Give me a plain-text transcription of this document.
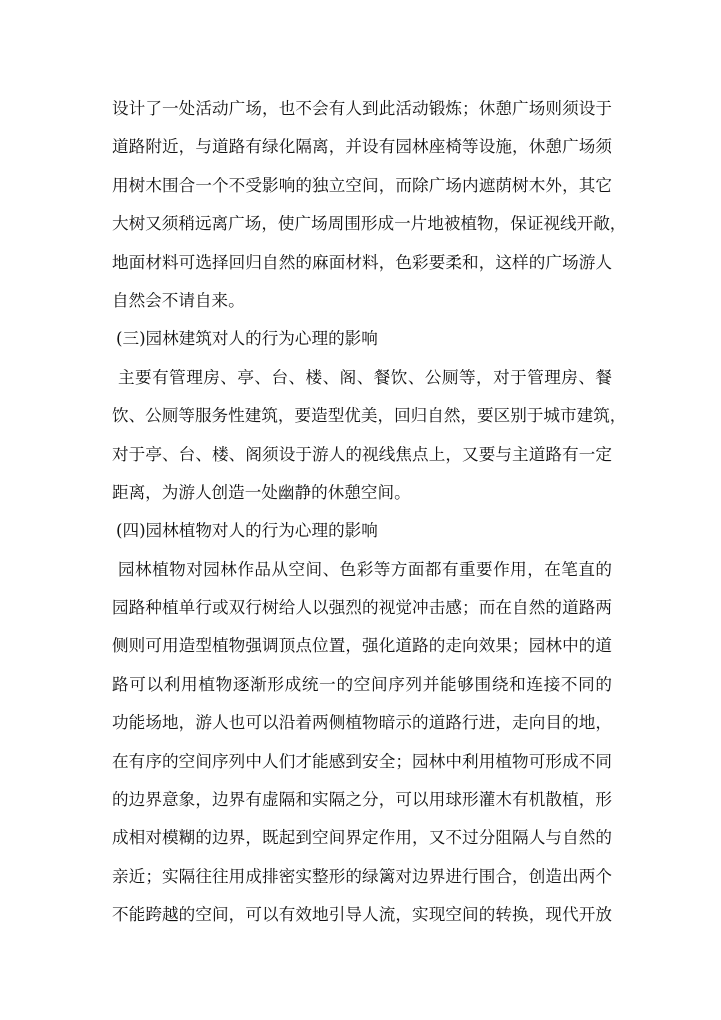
设计了一处活动广场，也不会有人到此活动锻炼；休憩广场则须设于
道路附近，与道路有绿化隔离，并设有园林座椅等设施，休憩广场须
用树木围合一个不受影响的独立空间，而除广场内遮荫树木外，其它
大树又须稍远离广场，使广场周围形成一片地被植物，保证视线开敞，
地面材料可选择回归自然的麻面材料，色彩要柔和，这样的广场游人
自然会不请自来。
(三)园林建筑对人的行为心理的影响
主要有管理房、亭、台、楼、阁、餐饮、公厕等，对于管理房、餐
饮、公厕等服务性建筑，要造型优美，回归自然，要区别于城市建筑，
对于亭、台、楼、阁须设于游人的视线焦点上，又要与主道路有一定
距离，为游人创造一处幽静的休憩空间。
(四)园林植物对人的行为心理的影响
园林植物对园林作品从空间、色彩等方面都有重要作用，在笔直的
园路种植单行或双行树给人以强烈的视觉冲击感；而在自然的道路两
侧则可用造型植物强调顶点位置，强化道路的走向效果；园林中的道
路可以利用植物逐渐形成统一的空间序列并能够围绕和连接不同的
功能场地，游人也可以沿着两侧植物暗示的道路行进，走向目的地，
在有序的空间序列中人们才能感到安全；园林中利用植物可形成不同
的边界意象，边界有虚隔和实隔之分，可以用球形灌木有机散植，形
成相对模糊的边界，既起到空间界定作用，又不过分阻隔人与自然的
亲近；实隔往往用成排密实整形的绿篱对边界进行围合，创造出两个
不能跨越的空间，可以有效地引导人流，实现空间的转换，现代开放
